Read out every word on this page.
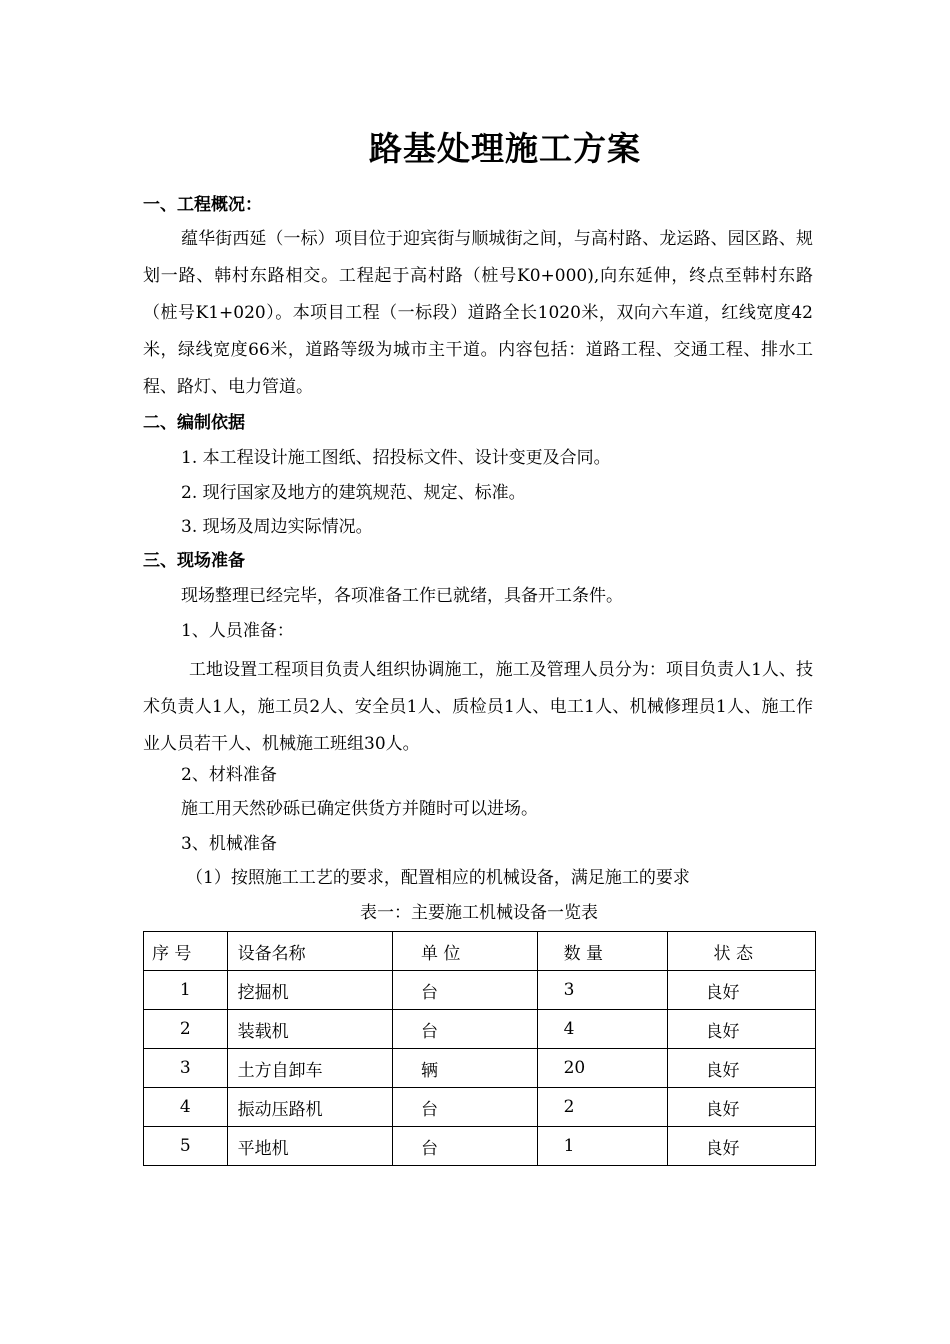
路基处理施工方案
一、工程概况：
蕴华街西延（一标）项目位于迎宾街与顺城街之间，与高村路、龙运路、园区路、规划一路、韩村东路相交。工程起于高村路（桩号K0+000),向东延伸，终点至韩村东路（桩号K1+020）。本项目工程（一标段）道路全长1020米，双向六车道，红线宽度42米，绿线宽度66米，道路等级为城市主干道。内容包括：道路工程、交通工程、排水工程、路灯、电力管道。
二、编制依据
1. 本工程设计施工图纸、招投标文件、设计变更及合同。
2. 现行国家及地方的建筑规范、规定、标准。
3. 现场及周边实际情况。
三、现场准备
现场整理已经完毕，各项准备工作已就绪，具备开工条件。
1、人员准备：
工地设置工程项目负责人组织协调施工，施工及管理人员分为：项目负责人1人、技术负责人1人，施工员2人、安全员1人、质检员1人、电工1人、机械修理员1人、施工作业人员若干人、机械施工班组30人。
2、材料准备
施工用天然砂砾已确定供货方并随时可以进场。
3、机械准备
（1）按照施工工艺的要求，配置相应的机械设备，满足施工的要求
表一：主要施工机械设备一览表
序 号	设备名称	单 位	数 量	状 态
1	挖掘机	台	3	良好
2	装载机	台	4	良好
3	土方自卸车	辆	20	良好
4	振动压路机	台	2	良好
5	平地机	台	1	良好
